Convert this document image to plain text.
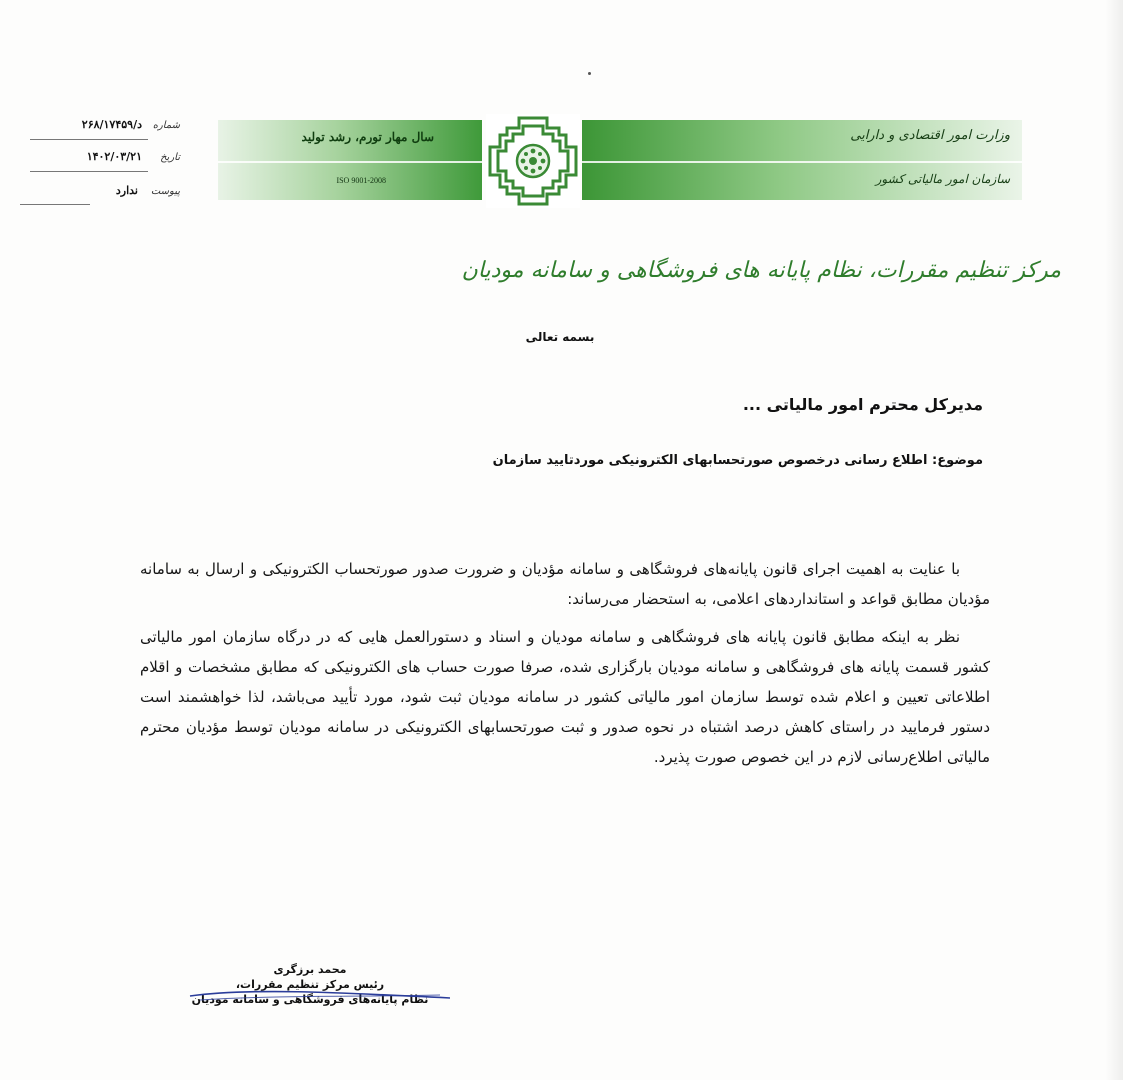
شماره
د/۲۶۸/۱۷۴۵۹
تاریخ
۱۴۰۲/۰۳/۲۱
پیوست
ندارد
سال مهار تورم، رشد تولید
ISO 9001-2008
وزارت امور اقتصادی و دارایی
سازمان امور مالیاتی کشور
مرکز تنظیم مقررات، نظام پایانه های فروشگاهی و سامانه مودیان
بسمه تعالی
مدیرکل محترم امور مالیاتی ...
موضوع: اطلاع رسانی درخصوص صورتحسابهای الکترونیکی موردتایید سازمان

با عنایت به اهمیت اجرای قانون پایانه‌های فروشگاهی و سامانه مؤدیان و ضرورت صدور صورتحساب الکترونیکی و ارسال به سامانه مؤدیان مطابق قواعد و استانداردهای اعلامی، به استحضار می‌رساند:

نظر به اینکه مطابق قانون پایانه های فروشگاهی و سامانه مودیان و اسناد و دستورالعمل هایی که در درگاه سازمان امور مالیاتی کشور قسمت پایانه های فروشگاهی و سامانه مودیان بارگزاری شده، صرفا صورت حساب های الکترونیکی که مطابق مشخصات و اقلام اطلاعاتی تعیین و اعلام شده توسط سازمان امور مالیاتی کشور در سامانه مودیان ثبت شود، مورد تأیید می‌باشد، لذا خواهشمند است دستور فرمایید در راستای کاهش درصد اشتباه در نحوه صدور و ثبت صورتحسابهای الکترونیکی در سامانه مودیان توسط مؤدیان محترم مالیاتی اطلاع‌رسانی لازم در این خصوص صورت پذیرد.

محمد برزگری
رئیس مرکز تنظیم مقررات،
نظام پایانه‌های فروشگاهی و سامانه مودیان
